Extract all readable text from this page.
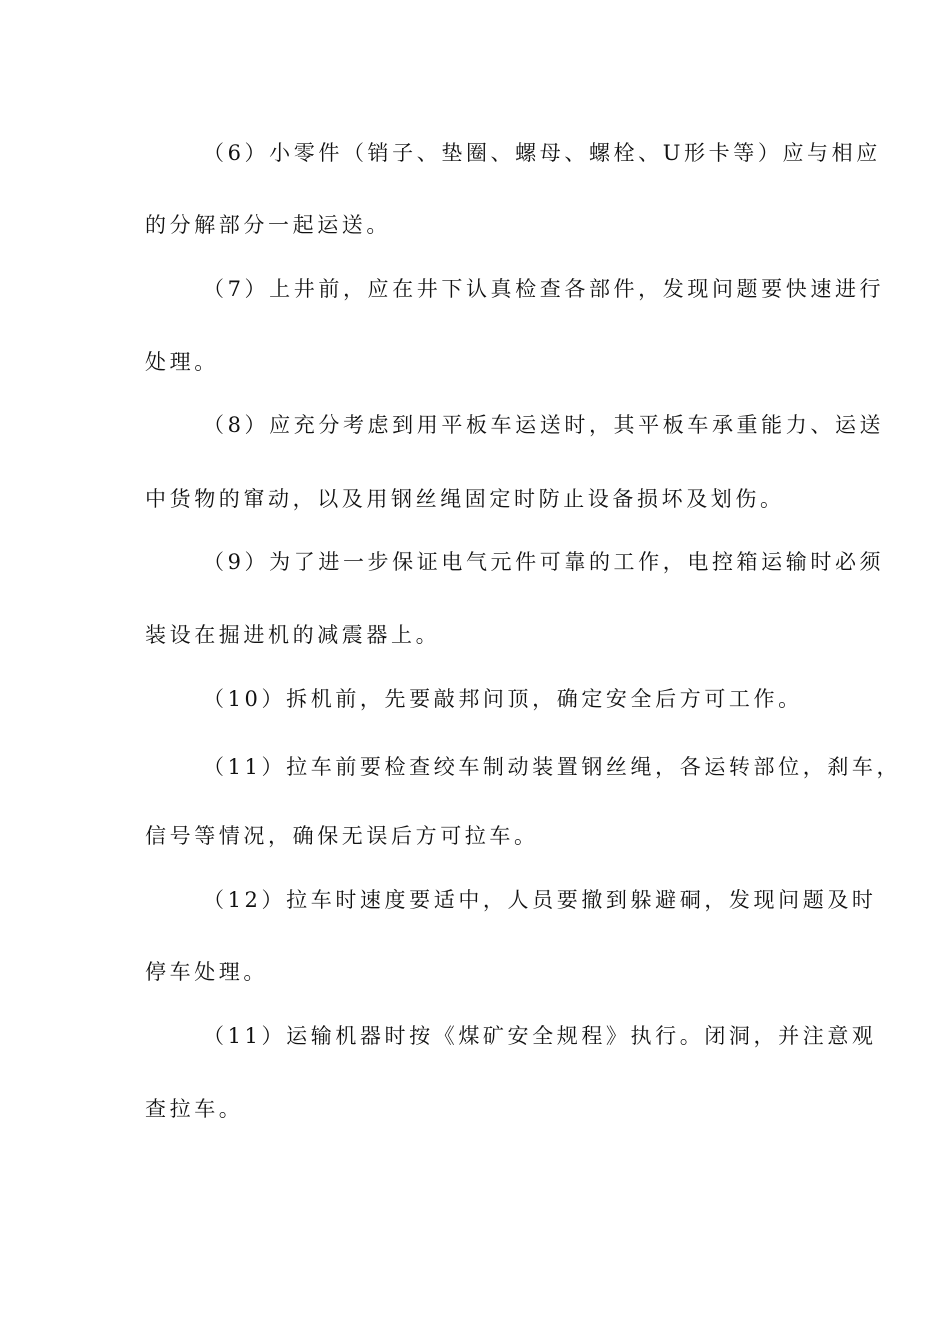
（6）小零件（销子、垫圈、螺母、螺栓、U形卡等）应与相应
的分解部分一起运送。
（7）上井前，应在井下认真检查各部件，发现问题要快速进行
处理。
（8）应充分考虑到用平板车运送时，其平板车承重能力、运送
中货物的窜动，以及用钢丝绳固定时防止设备损坏及划伤。
（9）为了进一步保证电气元件可靠的工作，电控箱运输时必须
装设在掘进机的减震器上。
（10）拆机前，先要敲邦问顶，确定安全后方可工作。
（11）拉车前要检查绞车制动装置钢丝绳，各运转部位，刹车，
信号等情况，确保无误后方可拉车。
（12）拉车时速度要适中，人员要撤到躲避硐，发现问题及时
停车处理。
（11）运输机器时按《煤矿安全规程》执行。闭洞，并注意观
查拉车。
